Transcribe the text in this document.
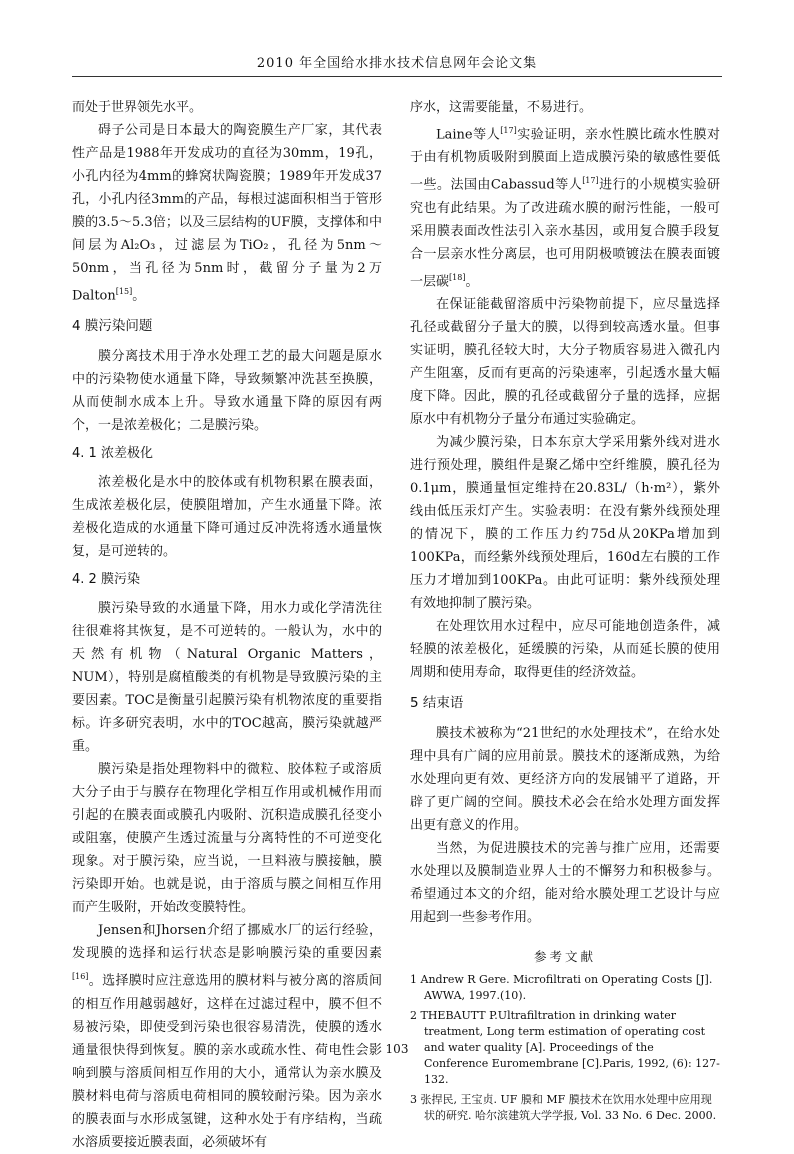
2010 年全国给水排水技术信息网年会论文集

而处于世界领先水平。

碍子公司是日本最大的陶瓷膜生产厂家，其代表性产品是1988年开发成功的直径为30mm，19孔，小孔内径为4mm的蜂窝状陶瓷膜；1989年开发成37孔，小孔内径3mm的产品，每根过滤面积相当于管形膜的3.5～5.3倍；以及三层结构的UF膜，支撑体和中间层为Al₂O₃，过滤层为TiO₂，孔径为5nm～50nm，当孔径为5nm时，截留分子量为2万Dalton[15]。

4 膜污染问题

膜分离技术用于净水处理工艺的最大问题是原水中的污染物使水通量下降，导致频繁冲洗甚至换膜，从而使制水成本上升。导致水通量下降的原因有两个，一是浓差极化；二是膜污染。

4. 1 浓差极化

浓差极化是水中的胶体或有机物积累在膜表面，生成浓差极化层，使膜阻增加，产生水通量下降。浓差极化造成的水通量下降可通过反冲洗将透水通量恢复，是可逆转的。

4. 2 膜污染

膜污染导致的水通量下降，用水力或化学清洗往往很难将其恢复，是不可逆转的。一般认为，水中的天然有机物（Natural Organic Matters，NUM），特别是腐植酸类的有机物是导致膜污染的主要因素。TOC是衡量引起膜污染有机物浓度的重要指标。许多研究表明，水中的TOC越高，膜污染就越严重。

膜污染是指处理物料中的微粒、胶体粒子或溶质大分子由于与膜存在物理化学相互作用或机械作用而引起的在膜表面或膜孔内吸附、沉积造成膜孔径变小或阻塞，使膜产生透过流量与分离特性的不可逆变化现象。对于膜污染，应当说，一旦料液与膜接触，膜污染即开始。也就是说，由于溶质与膜之间相互作用而产生吸附，开始改变膜特性。

Jensen和Jhorsen介绍了挪威水厂的运行经验，发现膜的选择和运行状态是影响膜污染的重要因素[16]。选择膜时应注意选用的膜材料与被分离的溶质间的相互作用越弱越好，这样在过滤过程中，膜不但不易被污染，即使受到污染也很容易清洗，使膜的透水通量很快得到恢复。膜的亲水或疏水性、荷电性会影响到膜与溶质间相互作用的大小，通常认为亲水膜及膜材料电荷与溶质电荷相同的膜较耐污染。因为亲水的膜表面与水形成氢键，这种水处于有序结构，当疏水溶质要接近膜表面，必须破坏有

序水，这需要能量，不易进行。

Laine等人[17]实验证明，亲水性膜比疏水性膜对于由有机物质吸附到膜面上造成膜污染的敏感性要低一些。法国由Cabassud等人[17]进行的小规模实验研究也有此结果。为了改进疏水膜的耐污性能，一般可采用膜表面改性法引入亲水基因，或用复合膜手段复合一层亲水性分离层，也可用阴极喷镀法在膜表面镀一层碳[18]。

在保证能截留溶质中污染物前提下，应尽量选择孔径或截留分子量大的膜，以得到较高透水量。但事实证明，膜孔径较大时，大分子物质容易进入微孔内产生阻塞，反而有更高的污染速率，引起透水量大幅度下降。因此，膜的孔径或截留分子量的选择，应据原水中有机物分子量分布通过实验确定。

为减少膜污染，日本东京大学采用紫外线对进水进行预处理，膜组件是聚乙烯中空纤维膜，膜孔径为0.1μm，膜通量恒定维持在20.83L/（h·m²），紫外线由低压汞灯产生。实验表明：在没有紫外线预处理的情况下，膜的工作压力约75d从20KPa增加到100KPa，而经紫外线预处理后，160d左右膜的工作压力才增加到100KPa。由此可证明：紫外线预处理有效地抑制了膜污染。

在处理饮用水过程中，应尽可能地创造条件，减轻膜的浓差极化，延缓膜的污染，从而延长膜的使用周期和使用寿命，取得更佳的经济效益。

5 结束语

膜技术被称为“21世纪的水处理技术”，在给水处理中具有广阔的应用前景。膜技术的逐渐成熟，为给水处理向更有效、更经济方向的发展铺平了道路，开辟了更广阔的空间。膜技术必会在给水处理方面发挥出更有意义的作用。

当然，为促进膜技术的完善与推广应用，还需要水处理以及膜制造业界人士的不懈努力和积极参与。希望通过本文的介绍，能对给水膜处理工艺设计与应用起到一些参考作用。

参考文献

1 Andrew R Gere. Microfiltrati on Operating Costs [J]. AWWA, 1997.(10).

2 THEBAUTT P.Ultrafiltration in drinking water treatment, Long term estimation of operating cost and water quality [A]. Proceedings of the Conference Euromembrane [C].Paris, 1992, (6): 127-132.

3 张捍民, 王宝贞. UF 膜和 MF 膜技术在饮用水处理中应用现状的研究. 哈尔滨建筑大学学报, Vol. 33 No. 6 Dec. 2000.

103
